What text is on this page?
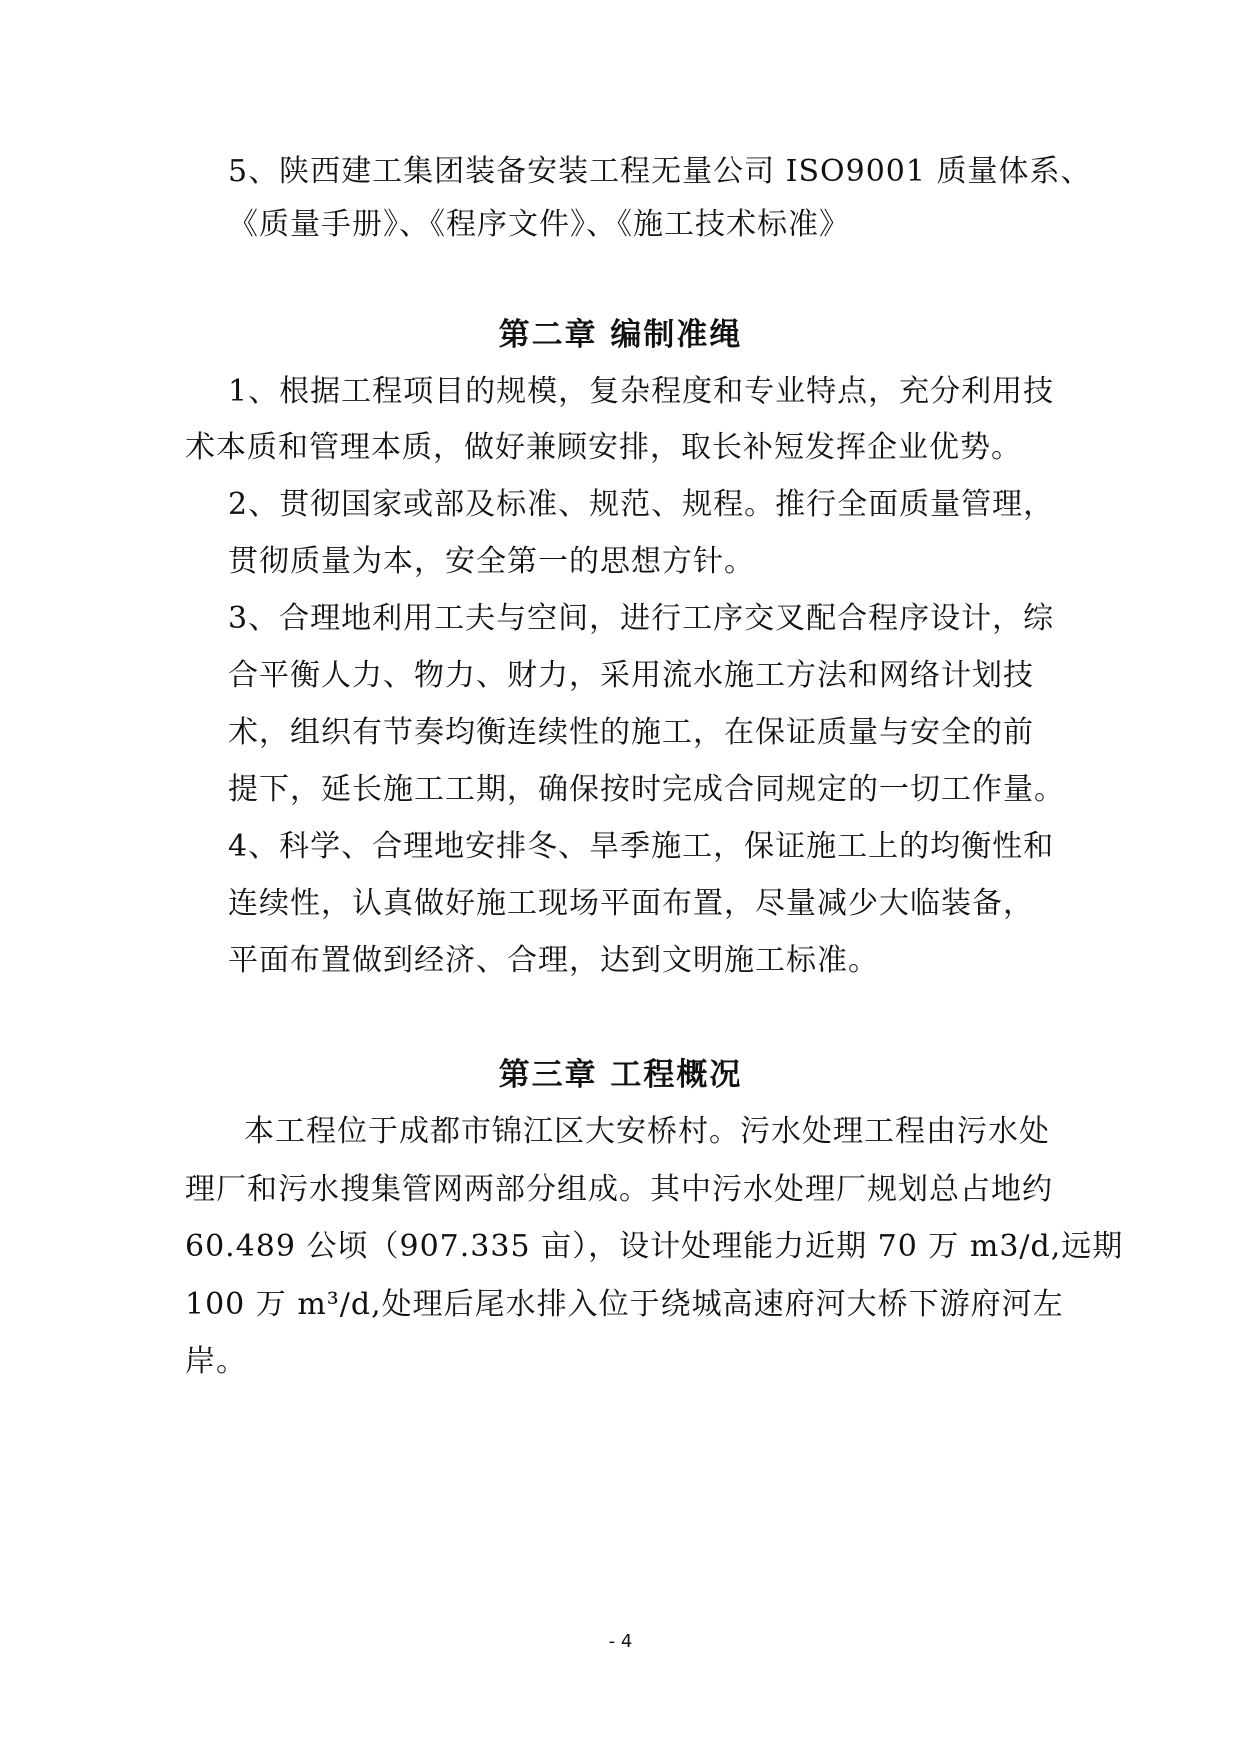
5、陕西建工集团装备安装工程无量公司 ISO9001 质量体系、
《质量手册》、《程序文件》、《施工技术标准》
第二章 编制准绳
1、根据工程项目的规模，复杂程度和专业特点，充分利用技
术本质和管理本质，做好兼顾安排，取长补短发挥企业优势。
2、贯彻国家或部及标准、规范、规程。推行全面质量管理，
贯彻质量为本，安全第一的思想方针。
3、合理地利用工夫与空间，进行工序交叉配合程序设计，综
合平衡人力、物力、财力，采用流水施工方法和网络计划技
术，组织有节奏均衡连续性的施工，在保证质量与安全的前
提下，延长施工工期，确保按时完成合同规定的一切工作量。
4、科学、合理地安排冬、旱季施工，保证施工上的均衡性和
连续性，认真做好施工现场平面布置，尽量减少大临装备，
平面布置做到经济、合理，达到文明施工标准。
第三章 工程概况
本工程位于成都市锦江区大安桥村。污水处理工程由污水处
理厂和污水搜集管网两部分组成。其中污水处理厂规划总占地约
60.489 公顷（907.335 亩），设计处理能力近期 70 万 m3/d,远期
100 万 m³/d,处理后尾水排入位于绕城高速府河大桥下游府河左
岸。
- 4
